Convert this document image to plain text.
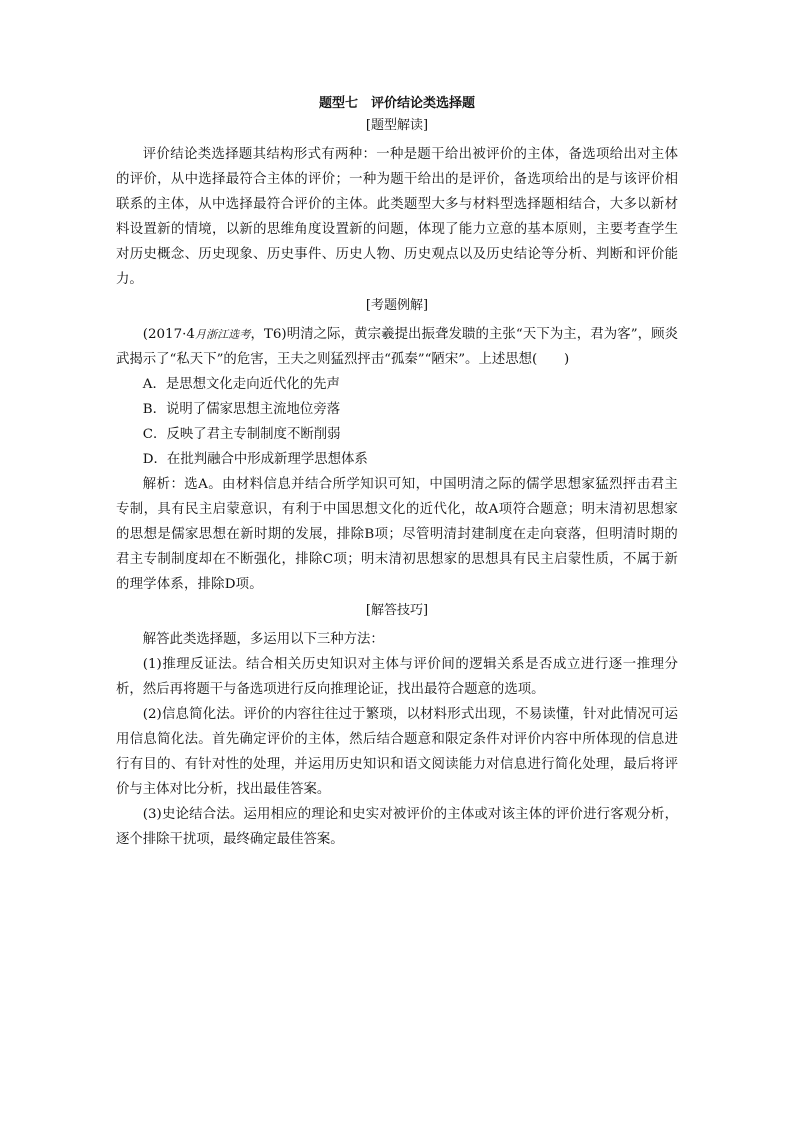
题型七　评价结论类选择题
[题型解读]

评价结论类选择题其结构形式有两种：一种是题干给出被评价的主体，备选项给出对主体的评价，从中选择最符合主体的评价；一种为题干给出的是评价，备选项给出的是与该评价相联系的主体，从中选择最符合评价的主体。此类题型大多与材料型选择题相结合，大多以新材料设置新的情境，以新的思维角度设置新的问题，体现了能力立意的基本原则，主要考查学生对历史概念、历史现象、历史事件、历史人物、历史观点以及历史结论等分析、判断和评价能力。

[考题例解]

(2017·4月浙江选考，T6)明清之际，黄宗羲提出振聋发聩的主张“天下为主，君为客”，顾炎武揭示了“私天下”的危害，王夫之则猛烈抨击“孤秦”“陋宋”。上述思想(　　)

A．是思想文化走向近代化的先声

B．说明了儒家思想主流地位旁落

C．反映了君主专制制度不断削弱

D．在批判融合中形成新理学思想体系

解析：选A。由材料信息并结合所学知识可知，中国明清之际的儒学思想家猛烈抨击君主专制，具有民主启蒙意识，有利于中国思想文化的近代化，故A项符合题意；明末清初思想家的思想是儒家思想在新时期的发展，排除B项；尽管明清封建制度在走向衰落，但明清时期的君主专制制度却在不断强化，排除C项；明末清初思想家的思想具有民主启蒙性质，不属于新的理学体系，排除D项。

[解答技巧]

解答此类选择题，多运用以下三种方法：

(1)推理反证法。结合相关历史知识对主体与评价间的逻辑关系是否成立进行逐一推理分析，然后再将题干与备选项进行反向推理论证，找出最符合题意的选项。

(2)信息简化法。评价的内容往往过于繁琐，以材料形式出现，不易读懂，针对此情况可运用信息简化法。首先确定评价的主体，然后结合题意和限定条件对评价内容中所体现的信息进行有目的、有针对性的处理，并运用历史知识和语文阅读能力对信息进行简化处理，最后将评价与主体对比分析，找出最佳答案。

(3)史论结合法。运用相应的理论和史实对被评价的主体或对该主体的评价进行客观分析，逐个排除干扰项，最终确定最佳答案。
